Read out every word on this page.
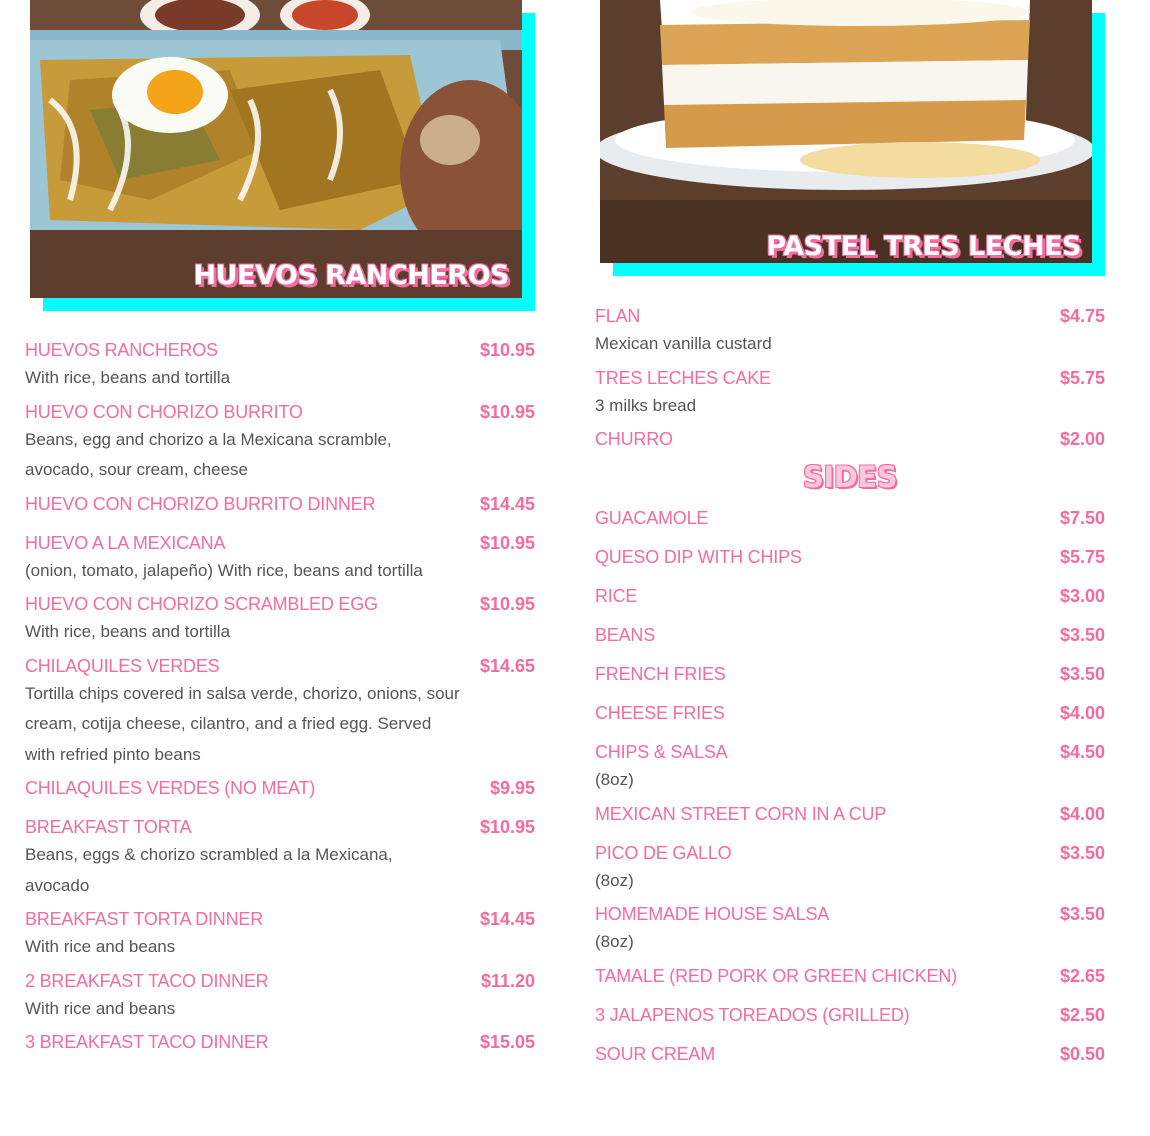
HUEVOS RANCHEROS
PASTEL TRES LECHES
HUEVOS RANCHEROS	$10.95
With rice, beans and tortilla
HUEVO CON CHORIZO BURRITO	$10.95
Beans, egg and chorizo a la Mexicana scramble, avocado, sour cream, cheese
HUEVO CON CHORIZO BURRITO DINNER	$14.45
HUEVO A LA MEXICANA	$10.95
(onion, tomato, jalapeño) With rice, beans and tortilla
HUEVO CON CHORIZO SCRAMBLED EGG	$10.95
With rice, beans and tortilla
CHILAQUILES VERDES	$14.65
Tortilla chips covered in salsa verde, chorizo, onions, sour cream, cotija cheese, cilantro, and a fried egg. Served with refried pinto beans
CHILAQUILES VERDES (NO MEAT)	$9.95
BREAKFAST TORTA	$10.95
Beans, eggs & chorizo scrambled a la Mexicana, avocado
BREAKFAST TORTA DINNER	$14.45
With rice and beans
2 BREAKFAST TACO DINNER	$11.20
With rice and beans
3 BREAKFAST TACO DINNER	$15.05
FLAN	$4.75
Mexican vanilla custard
TRES LECHES CAKE	$5.75
3 milks bread
CHURRO	$2.00
SIDES
GUACAMOLE	$7.50
QUESO DIP WITH CHIPS	$5.75
RICE	$3.00
BEANS	$3.50
FRENCH FRIES	$3.50
CHEESE FRIES	$4.00
CHIPS & SALSA	$4.50
(8oz)
MEXICAN STREET CORN IN A CUP	$4.00
PICO DE GALLO	$3.50
(8oz)
HOMEMADE HOUSE SALSA	$3.50
(8oz)
TAMALE (RED PORK OR GREEN CHICKEN)	$2.65
3 JALAPENOS TOREADOS (GRILLED)	$2.50
SOUR CREAM	$0.50
